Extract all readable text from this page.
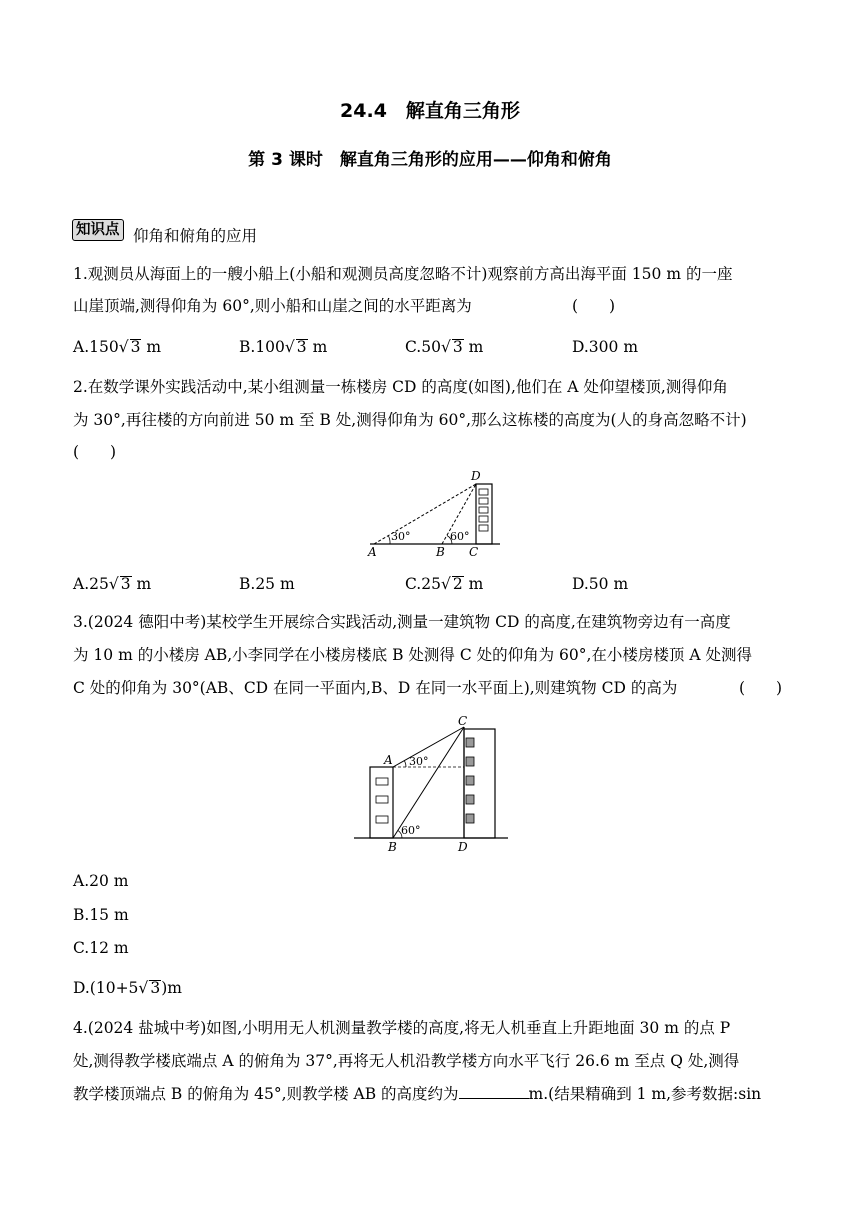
24.4　解直角三角形
第 3 课时　解直角三角形的应用——仰角和俯角
知识点 仰角和俯角的应用
1.观测员从海面上的一艘小船上(小船和观测员高度忽略不计)观察前方高出海平面 150 m 的一座
山崖顶端,测得仰角为 60°,则小船和山崖之间的水平距离为	(　　)
A.150√ 3 m	B.100√ 3 m	C.50√ 3 m	D.300 m
2.在数学课外实践活动中,某小组测量一栋楼房 CD 的高度(如图),他们在 A 处仰望楼顶,测得仰角
为 30°,再往楼的方向前进 50 m 至 B 处,测得仰角为 60°,那么这栋楼的高度为(人的身高忽略不计)
(　　)
30°	60°
D
A	B C
A.25√ 3 m	B.25 m	C.25√ 2 m	D.50 m
3.(2024 德阳中考)某校学生开展综合实践活动,测量一建筑物 CD 的高度,在建筑物旁边有一高度
为 10 m 的小楼房 AB,小李同学在小楼房楼底 B 处测得 C 处的仰角为 60°,在小楼房楼顶 A 处测得
C 处的仰角为 30°(AB、CD 在同一平面内,B、D 在同一水平面上),则建筑物 CD 的高为	(　　)
30°
60°
C
A
B	D
A.20 m
B.15 m
C.12 m
D.(10+5√ 3)m
4.(2024 盐城中考)如图,小明用无人机测量教学楼的高度,将无人机垂直上升距地面 30 m 的点 P
处,测得教学楼底端点 A 的俯角为 37°,再将无人机沿教学楼方向水平飞行 26.6 m 至点 Q 处,测得
教学楼顶端点 B 的俯角为 45°,则教学楼 AB 的高度约为	m.(结果精确到 1 m,参考数据:sin
